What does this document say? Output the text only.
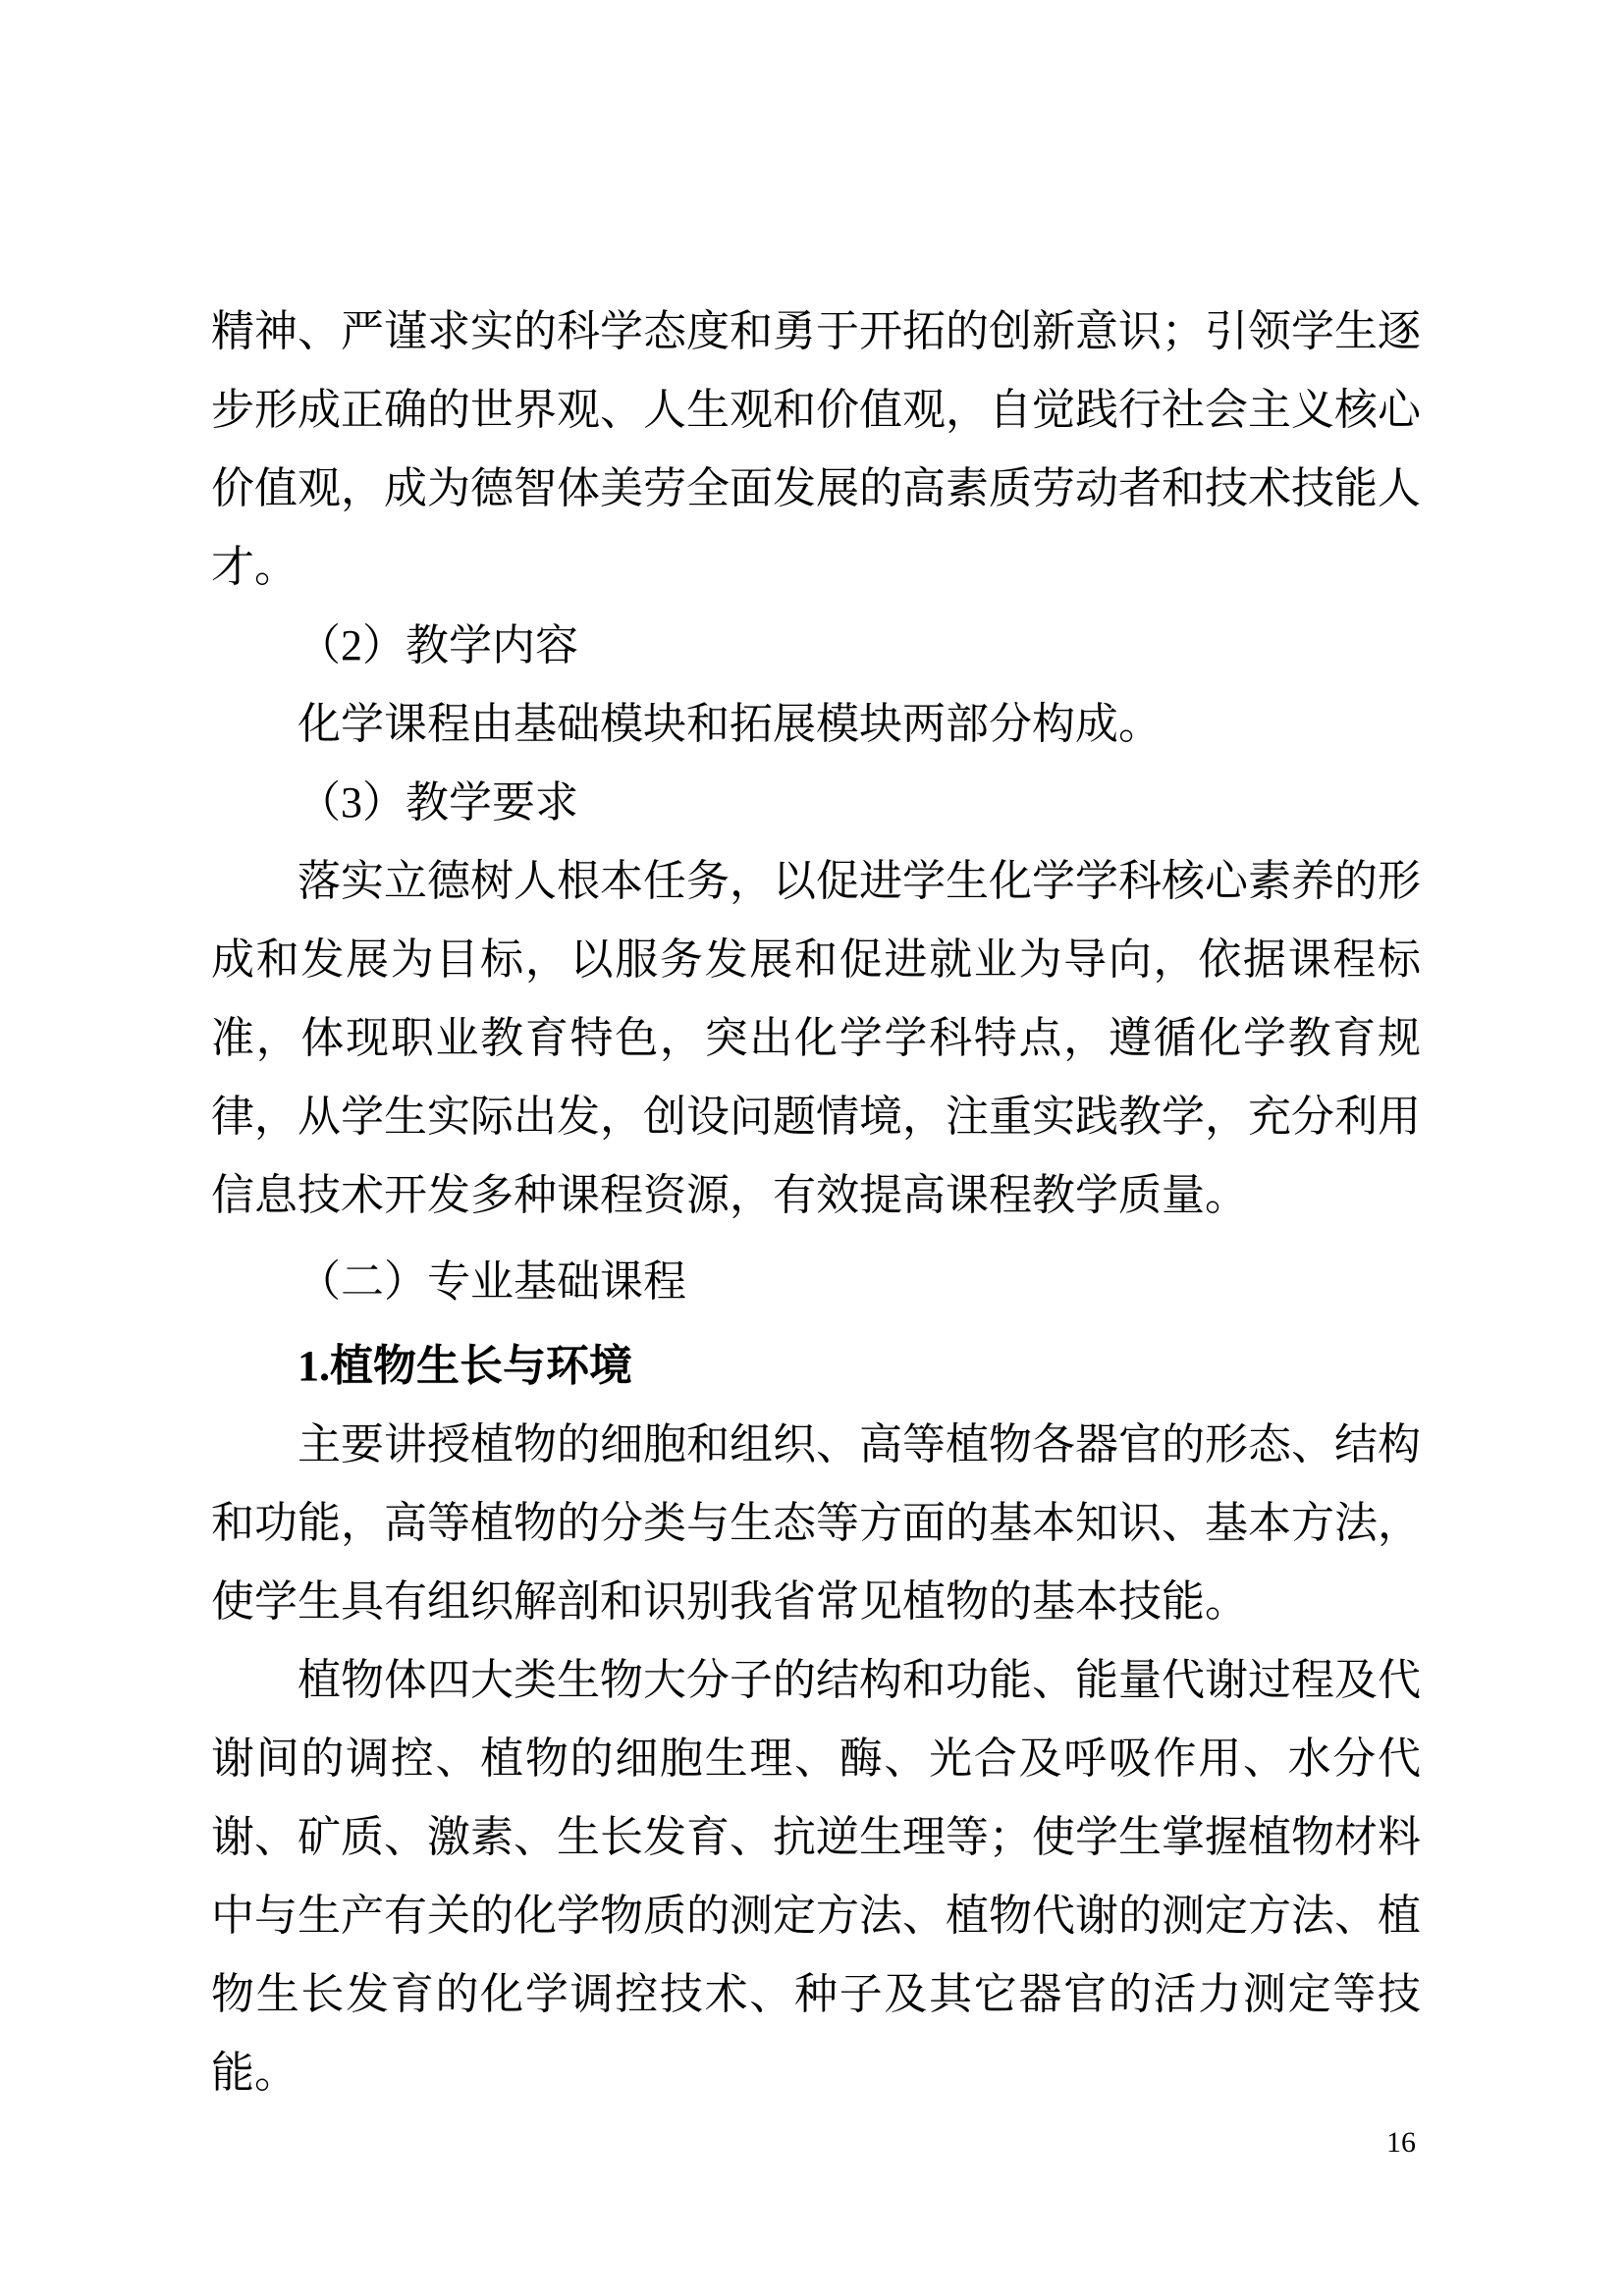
精神、严谨求实的科学态度和勇于开拓的创新意识；引领学生逐步形成正确的世界观、人生观和价值观，自觉践行社会主义核心价值观，成为德智体美劳全面发展的高素质劳动者和技术技能人才。

（2）教学内容

化学课程由基础模块和拓展模块两部分构成。

（3）教学要求

落实立德树人根本任务，以促进学生化学学科核心素养的形成和发展为目标，以服务发展和促进就业为导向，依据课程标准，体现职业教育特色，突出化学学科特点，遵循化学教育规律，从学生实际出发，创设问题情境，注重实践教学，充分利用信息技术开发多种课程资源，有效提高课程教学质量。

（二）专业基础课程

1.植物生长与环境

主要讲授植物的细胞和组织、高等植物各器官的形态、结构和功能，高等植物的分类与生态等方面的基本知识、基本方法，使学生具有组织解剖和识别我省常见植物的基本技能。

植物体四大类生物大分子的结构和功能、能量代谢过程及代谢间的调控、植物的细胞生理、酶、光合及呼吸作用、水分代谢、矿质、激素、生长发育、抗逆生理等；使学生掌握植物材料中与生产有关的化学物质的测定方法、植物代谢的测定方法、植物生长发育的化学调控技术、种子及其它器官的活力测定等技能。

16
